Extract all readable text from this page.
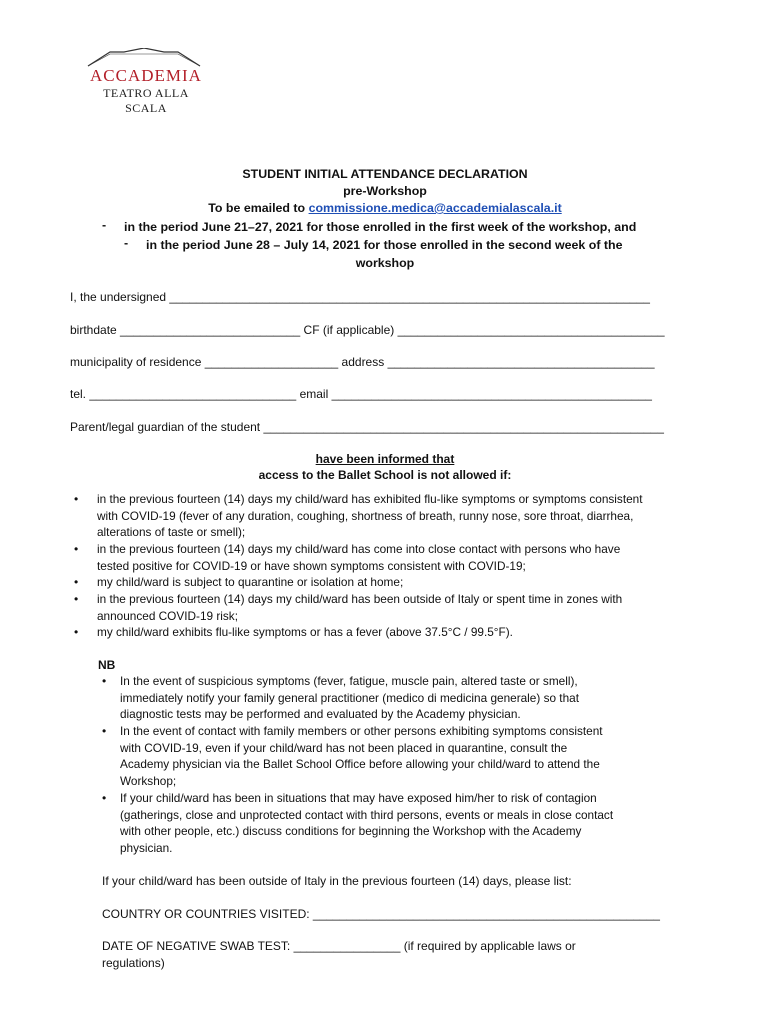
ACCADEMIA
TEATRO ALLA SCALA
STUDENT INITIAL ATTENDANCE DECLARATION
pre-Workshop
To be emailed to commissione.medica@accademialascala.it
- in the period June 21–27, 2021 for those enrolled in the first week of the workshop, and
- in the period June 28 – July 14, 2021 for those enrolled in the second week of the
workshop
I, the undersigned ________________________________________________________________________
birthdate ___________________________ CF (if applicable) ________________________________________
municipality of residence ____________________ address ________________________________________
tel. _______________________________ email ________________________________________________
Parent/legal guardian of the student ____________________________________________________________
have been informed that
access to the Ballet School is not allowed if:
• in the previous fourteen (14) days my child/ward has exhibited flu-like symptoms or symptoms consistent
with COVID-19 (fever of any duration, coughing, shortness of breath, runny nose, sore throat, diarrhea,
alterations of taste or smell);
• in the previous fourteen (14) days my child/ward has come into close contact with persons who have
tested positive for COVID-19 or have shown symptoms consistent with COVID-19;
• my child/ward is subject to quarantine or isolation at home;
• in the previous fourteen (14) days my child/ward has been outside of Italy or spent time in zones with
announced COVID-19 risk;
• my child/ward exhibits flu-like symptoms or has a fever (above 37.5°C / 99.5°F).
NB
• In the event of suspicious symptoms (fever, fatigue, muscle pain, altered taste or smell),
immediately notify your family general practitioner (medico di medicina generale) so that
diagnostic tests may be performed and evaluated by the Academy physician.
• In the event of contact with family members or other persons exhibiting symptoms consistent
with COVID-19, even if your child/ward has not been placed in quarantine, consult the
Academy physician via the Ballet School Office before allowing your child/ward to attend the
Workshop;
• If your child/ward has been in situations that may have exposed him/her to risk of contagion
(gatherings, close and unprotected contact with third persons, events or meals in close contact
with other people, etc.) discuss conditions for beginning the Workshop with the Academy
physician.
If your child/ward has been outside of Italy in the previous fourteen (14) days, please list:
COUNTRY OR COUNTRIES VISITED: ____________________________________________________
DATE OF NEGATIVE SWAB TEST: ________________ (if required by applicable laws or
regulations)
